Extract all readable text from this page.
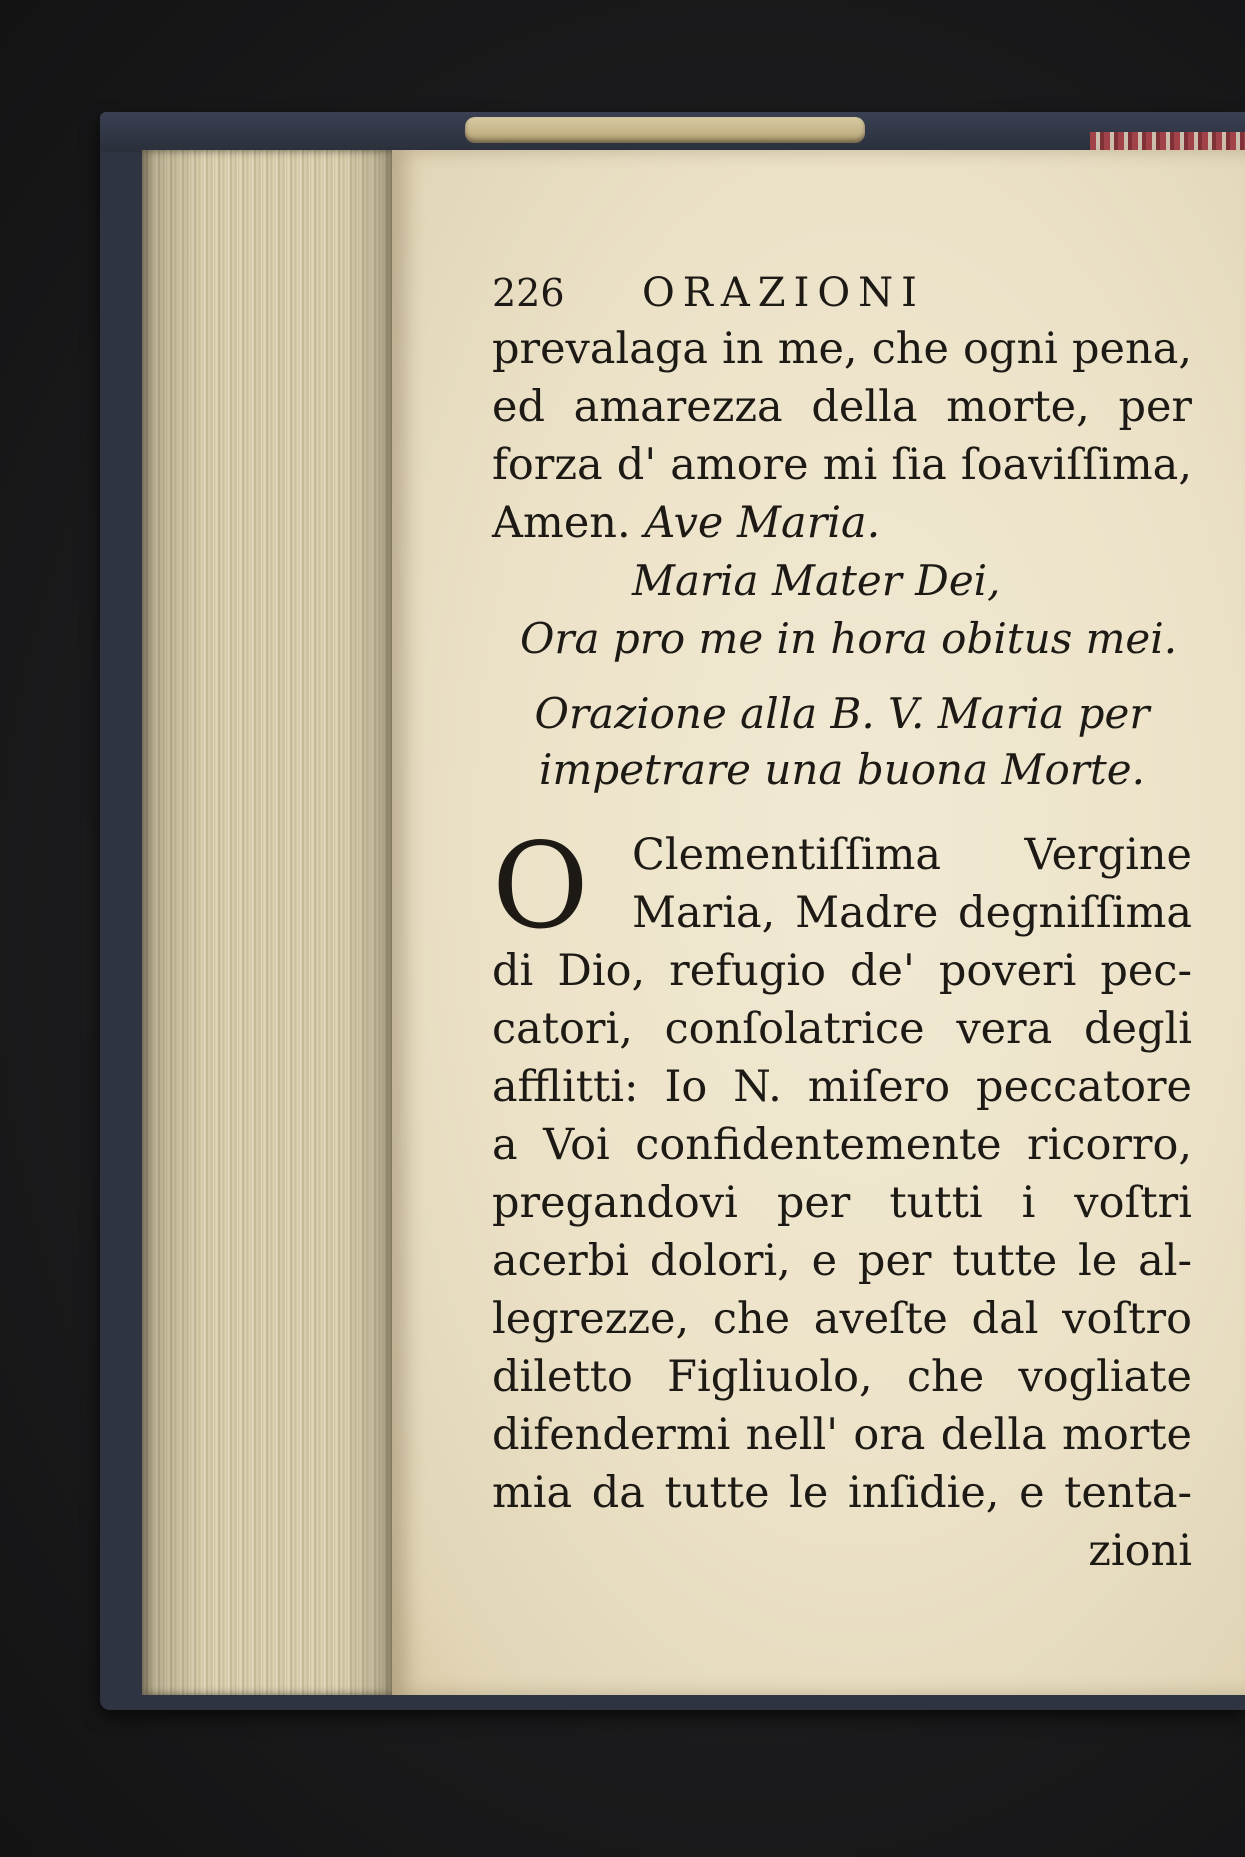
226	ORAZIONI
prevalaga in me, che ogni pena,
ed amarezza della morte, per
forza d' amore mi ſia ſoaviſſima,
Amen. Ave Maria.
Maria Mater Dei,
Ora pro me in hora obitus mei.
Orazione alla B. V. Maria per
impetrare una buona Morte.
O	Clementiſſima Vergine
Maria, Madre degniſſima
di Dio, refugio de' poveri pec-
catori, conſolatrice vera degli
afflitti: Io N. miſero peccatore
a Voi confidentemente ricorro,
pregandovi per tutti i voſtri
acerbi dolori, e per tutte le al-
legrezze, che aveſte dal voſtro
diletto Figliuolo, che vogliate
difendermi nell' ora della morte
mia da tutte le inſidie, e tenta-
zioni
